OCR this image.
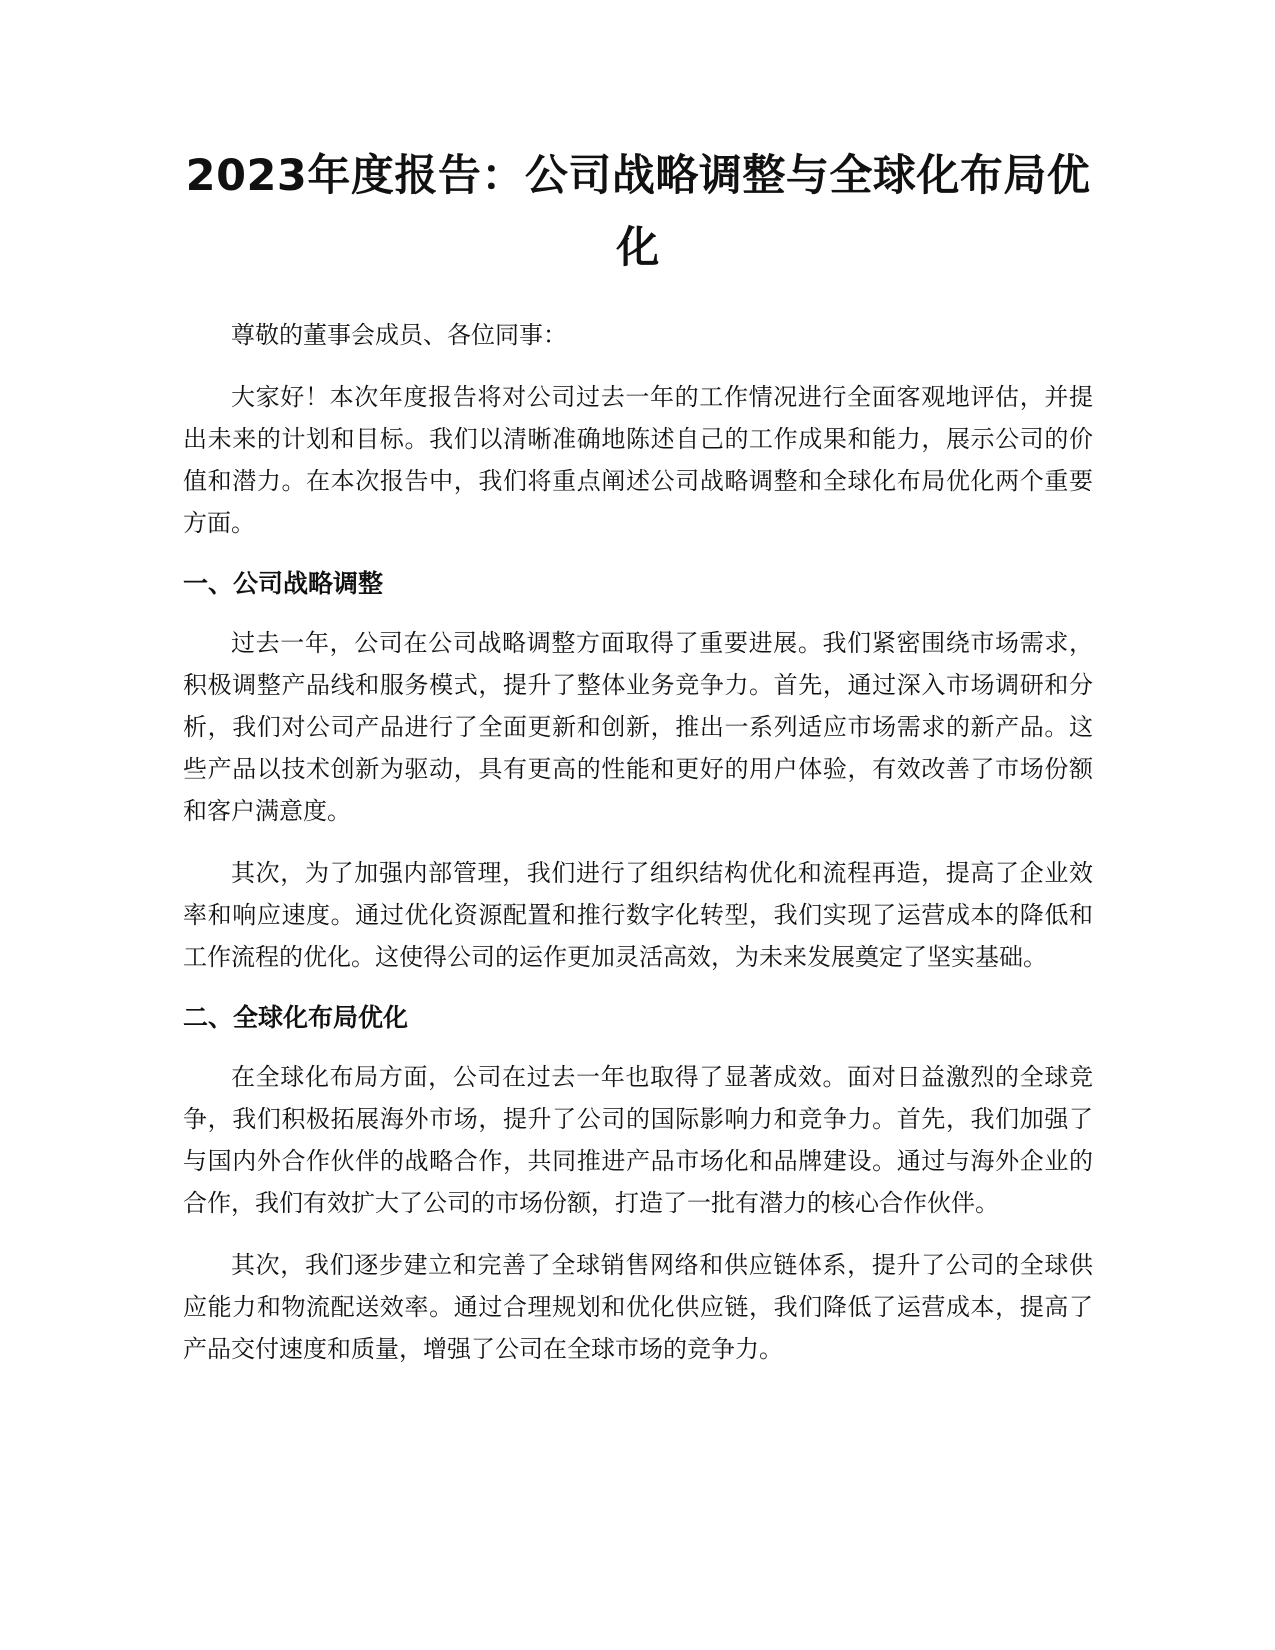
2023年度报告：公司战略调整与全球化布局优化

尊敬的董事会成员、各位同事：

大家好！本次年度报告将对公司过去一年的工作情况进行全面客观地评估，并提出未来的计划和目标。我们以清晰准确地陈述自己的工作成果和能力，展示公司的价值和潜力。在本次报告中，我们将重点阐述公司战略调整和全球化布局优化两个重要方面。

一、公司战略调整

过去一年，公司在公司战略调整方面取得了重要进展。我们紧密围绕市场需求，积极调整产品线和服务模式，提升了整体业务竞争力。首先，通过深入市场调研和分析，我们对公司产品进行了全面更新和创新，推出一系列适应市场需求的新产品。这些产品以技术创新为驱动，具有更高的性能和更好的用户体验，有效改善了市场份额和客户满意度。

其次，为了加强内部管理，我们进行了组织结构优化和流程再造，提高了企业效率和响应速度。通过优化资源配置和推行数字化转型，我们实现了运营成本的降低和工作流程的优化。这使得公司的运作更加灵活高效，为未来发展奠定了坚实基础。

二、全球化布局优化

在全球化布局方面，公司在过去一年也取得了显著成效。面对日益激烈的全球竞争，我们积极拓展海外市场，提升了公司的国际影响力和竞争力。首先，我们加强了与国内外合作伙伴的战略合作，共同推进产品市场化和品牌建设。通过与海外企业的合作，我们有效扩大了公司的市场份额，打造了一批有潜力的核心合作伙伴。

其次，我们逐步建立和完善了全球销售网络和供应链体系，提升了公司的全球供应能力和物流配送效率。通过合理规划和优化供应链，我们降低了运营成本，提高了产品交付速度和质量，增强了公司在全球市场的竞争力。
